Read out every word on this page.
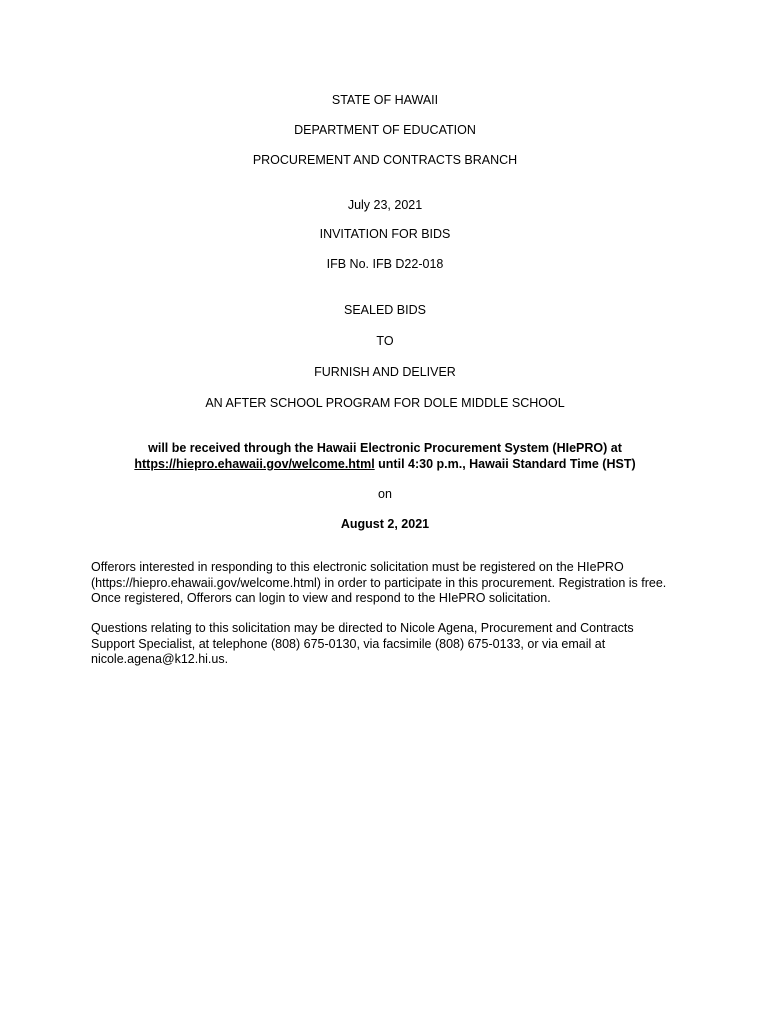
STATE OF HAWAII
DEPARTMENT OF EDUCATION
PROCUREMENT AND CONTRACTS BRANCH
July 23, 2021
INVITATION FOR BIDS
IFB No. IFB D22-018
SEALED BIDS
TO
FURNISH AND DELIVER
AN AFTER SCHOOL PROGRAM FOR DOLE MIDDLE SCHOOL
will be received through the Hawaii Electronic Procurement System (HIePRO) at
https://hiepro.ehawaii.gov/welcome.html until 4:30 p.m., Hawaii Standard Time (HST)
on
August 2, 2021
Offerors interested in responding to this electronic solicitation must be registered on the HIePRO
(https://hiepro.ehawaii.gov/welcome.html) in order to participate in this procurement. Registration is free.
Once registered, Offerors can login to view and respond to the HIePRO solicitation.
Questions relating to this solicitation may be directed to Nicole Agena, Procurement and Contracts
Support Specialist, at telephone (808) 675-0130, via facsimile (808) 675-0133, or via email at
nicole.agena@k12.hi.us.
